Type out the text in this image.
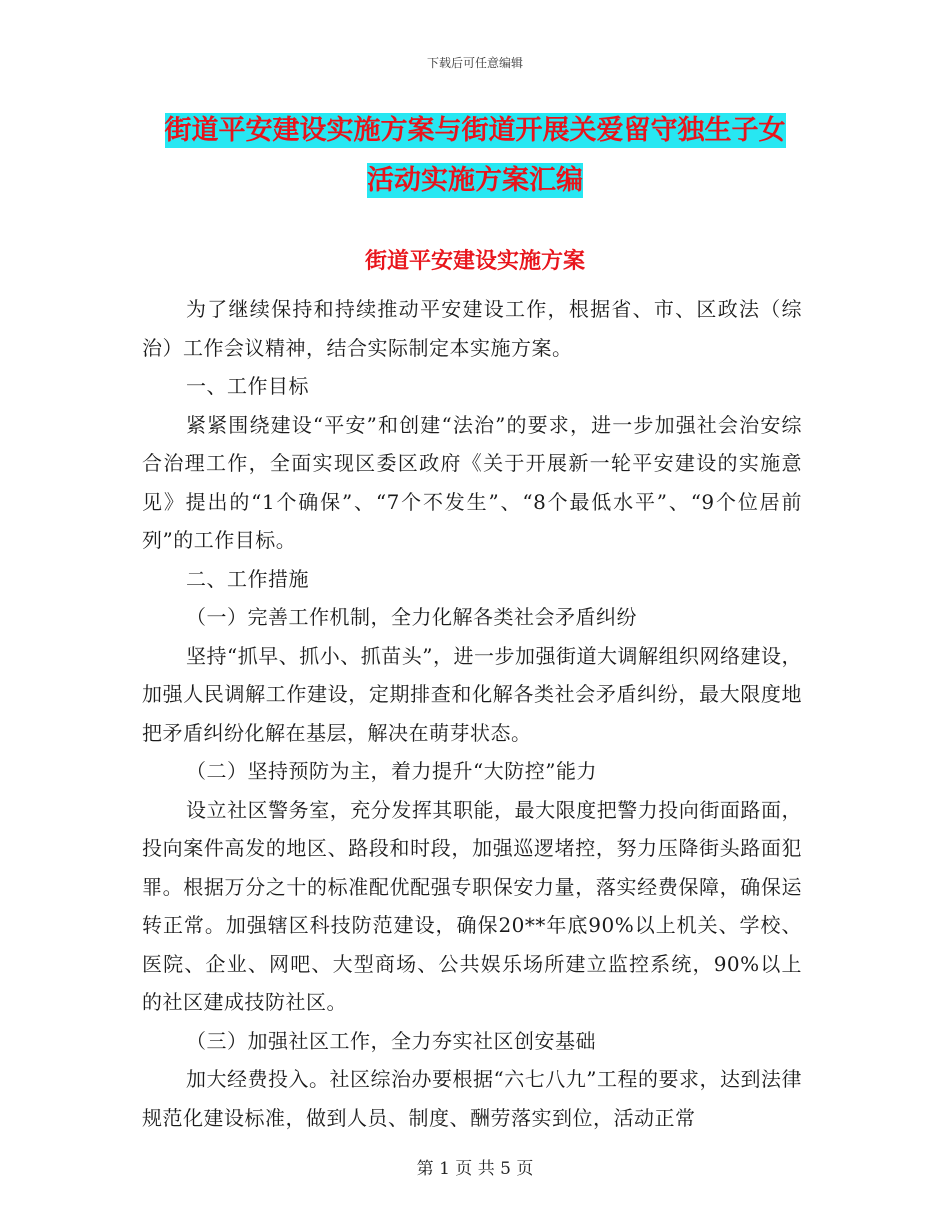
下载后可任意编辑
街道平安建设实施方案与街道开展关爱留守独生子女
活动实施方案汇编
街道平安建设实施方案

为了继续保持和持续推动平安建设工作，根据省、市、区政法（综治）工作会议精神，结合实际制定本实施方案。

一、工作目标

紧紧围绕建设“平安”和创建“法治”的要求，进一步加强社会治安综合治理工作，全面实现区委区政府《关于开展新一轮平安建设的实施意见》提出的“1个确保”、“7个不发生”、“8个最低水平”、“9个位居前列”的工作目标。

二、工作措施

（一）完善工作机制，全力化解各类社会矛盾纠纷

坚持“抓早、抓小、抓苗头”，进一步加强街道大调解组织网络建设，加强人民调解工作建设，定期排查和化解各类社会矛盾纠纷，最大限度地把矛盾纠纷化解在基层，解决在萌芽状态。

（二）坚持预防为主，着力提升“大防控”能力

设立社区警务室，充分发挥其职能，最大限度把警力投向街面路面，投向案件高发的地区、路段和时段，加强巡逻堵控，努力压降街头路面犯罪。根据万分之十的标准配优配强专职保安力量，落实经费保障，确保运转正常。加强辖区科技防范建设，确保20**年底90%以上机关、学校、医院、企业、网吧、大型商场、公共娱乐场所建立监控系统，90%以上的社区建成技防社区。

（三）加强社区工作，全力夯实社区创安基础

加大经费投入。社区综治办要根据“六七八九”工程的要求，达到法律规范化建设标准，做到人员、制度、酬劳落实到位，活动正常

第 1 页 共 5 页
